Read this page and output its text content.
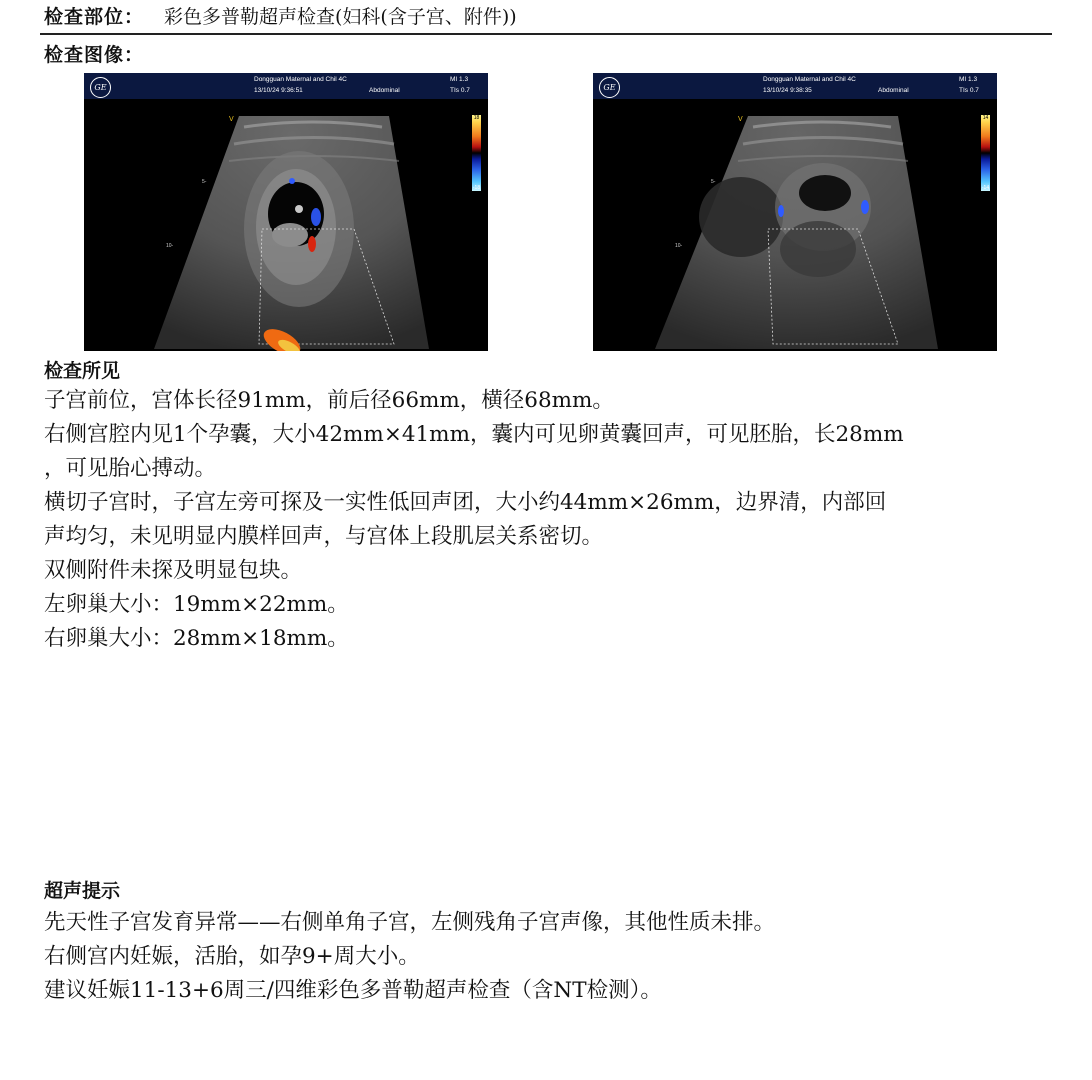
检查部位： 彩色多普勒超声检查(妇科(含子宫、附件))
检查图像：
GE
Dongguan Maternal and Chil 4C
13/10/24 9:36:51	Abdominal
MI 1.3
TIs 0.7
V
5-
10-
18
-18
GE
Dongguan Maternal and Chil 4C
13/10/24 9:38:35	Abdominal
MI 1.3
TIs 0.7
V
5-
10-
14
-14
检查所见
子宫前位，宫体长径91mm，前后径66mm，横径68mm。
右侧宫腔内见1个孕囊，大小42mm×41mm，囊内可见卵黄囊回声，可见胚胎，长28mm
，可见胎心搏动。
横切子宫时，子宫左旁可探及一实性低回声团，大小约44mm×26mm，边界清，内部回
声均匀，未见明显内膜样回声，与宫体上段肌层关系密切。
双侧附件未探及明显包块。
左卵巢大小：19mm×22mm。
右卵巢大小：28mm×18mm。
超声提示
先天性子宫发育异常——右侧单角子宫，左侧残角子宫声像，其他性质未排。
右侧宫内妊娠，活胎，如孕9+周大小。
建议妊娠11-13+6周三/四维彩色多普勒超声检查（含NT检测）。
